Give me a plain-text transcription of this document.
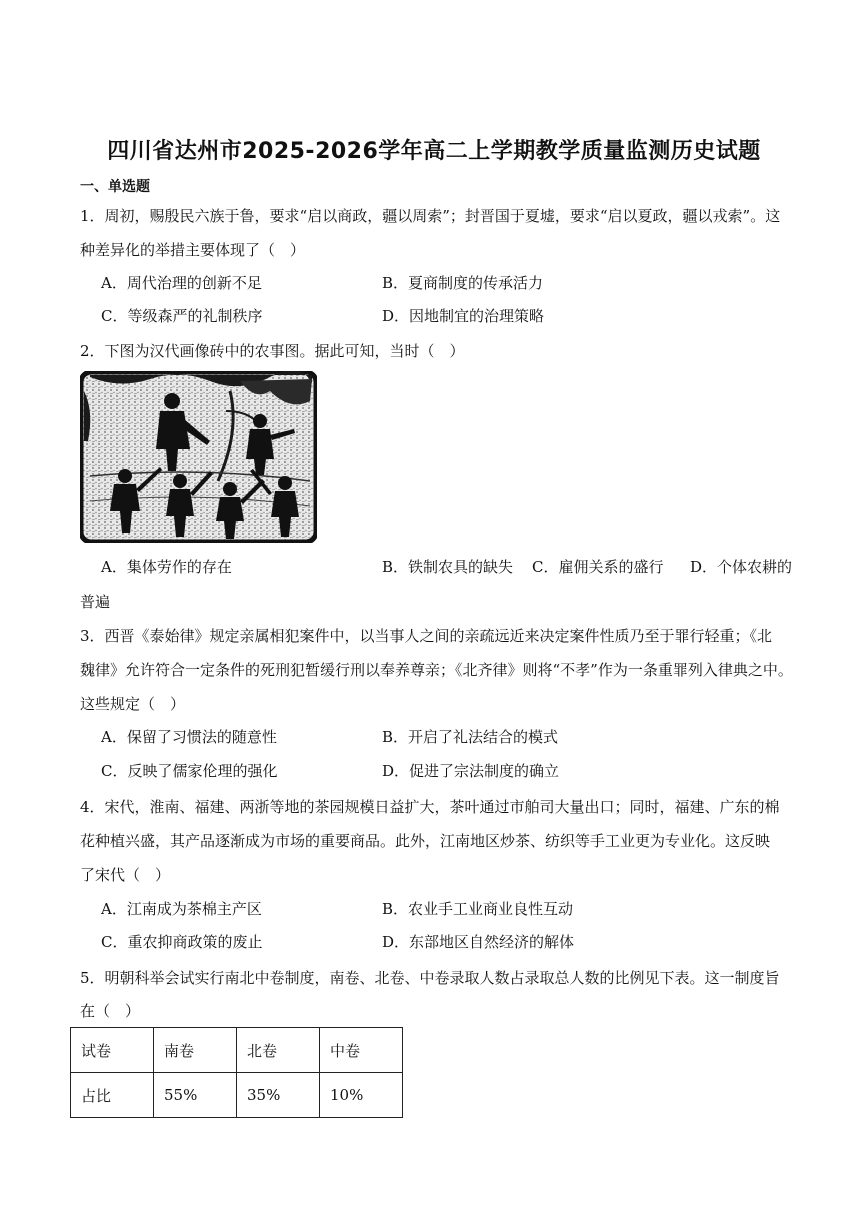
四川省达州市2025-2026学年高二上学期教学质量监测历史试题
一、单选题
1．周初，赐殷民六族于鲁，要求“启以商政，疆以周索”；封晋国于夏墟，要求“启以夏政，疆以戎索”。这
种差异化的举措主要体现了（　）
A．周代治理的创新不足	B．夏商制度的传承活力
C．等级森严的礼制秩序	D．因地制宜的治理策略
2．下图为汉代画像砖中的农事图。据此可知，当时（　）
A．集体劳作的存在	B．铁制农具的缺失 C．雇佣关系的盛行 D．个体农耕的
普遍
3．西晋《泰始律》规定亲属相犯案件中，以当事人之间的亲疏远近来决定案件性质乃至于罪行轻重；《北
魏律》允许符合一定条件的死刑犯暂缓行刑以奉养尊亲；《北齐律》则将“不孝”作为一条重罪列入律典之中。
这些规定（　）
A．保留了习惯法的随意性	B．开启了礼法结合的模式
C．反映了儒家伦理的强化	D．促进了宗法制度的确立
4．宋代，淮南、福建、两浙等地的茶园规模日益扩大，茶叶通过市舶司大量出口；同时，福建、广东的棉
花种植兴盛，其产品逐渐成为市场的重要商品。此外，江南地区炒茶、纺织等手工业更为专业化。这反映
了宋代（　）
A．江南成为茶棉主产区	B．农业手工业商业良性互动
C．重农抑商政策的废止	D．东部地区自然经济的解体
5．明朝科举会试实行南北中卷制度，南卷、北卷、中卷录取人数占录取总人数的比例见下表。这一制度旨
在（　）
试卷	南卷	北卷	中卷
占比	55%	35%	10%
